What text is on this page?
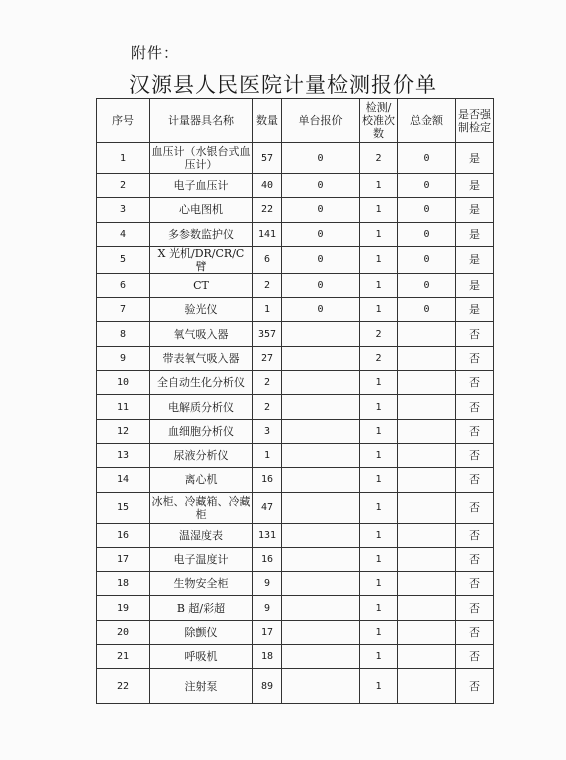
附件：
汉源县人民医院计量检测报价单
序号	计量器具名称	数量	单台报价	检测/校准次数	总金额	是否强制检定
1	血压计（水银台式血压计）	57	0	2	0	是
2	电子血压计	40	0	1	0	是
3	心电图机	22	0	1	0	是
4	多参数监护仪	141	0	1	0	是
5	X 光机/DR/CR/C 臂	6	0	1	0	是
6	CT	2	0	1	0	是
7	验光仪	1	0	1	0	是
8	氧气吸入器	357		2		否
9	带表氧气吸入器	27		2		否
10	全自动生化分析仪	2		1		否
11	电解质分析仪	2		1		否
12	血细胞分析仪	3		1		否
13	尿液分析仪	1		1		否
14	离心机	16		1		否
15	冰柜、冷藏箱、冷藏柜	47		1		否
16	温湿度表	131		1		否
17	电子温度计	16		1		否
18	生物安全柜	9		1		否
19	B 超/彩超	9		1		否
20	除颤仪	17		1		否
21	呼吸机	18		1		否
22	注射泵	89		1		否
